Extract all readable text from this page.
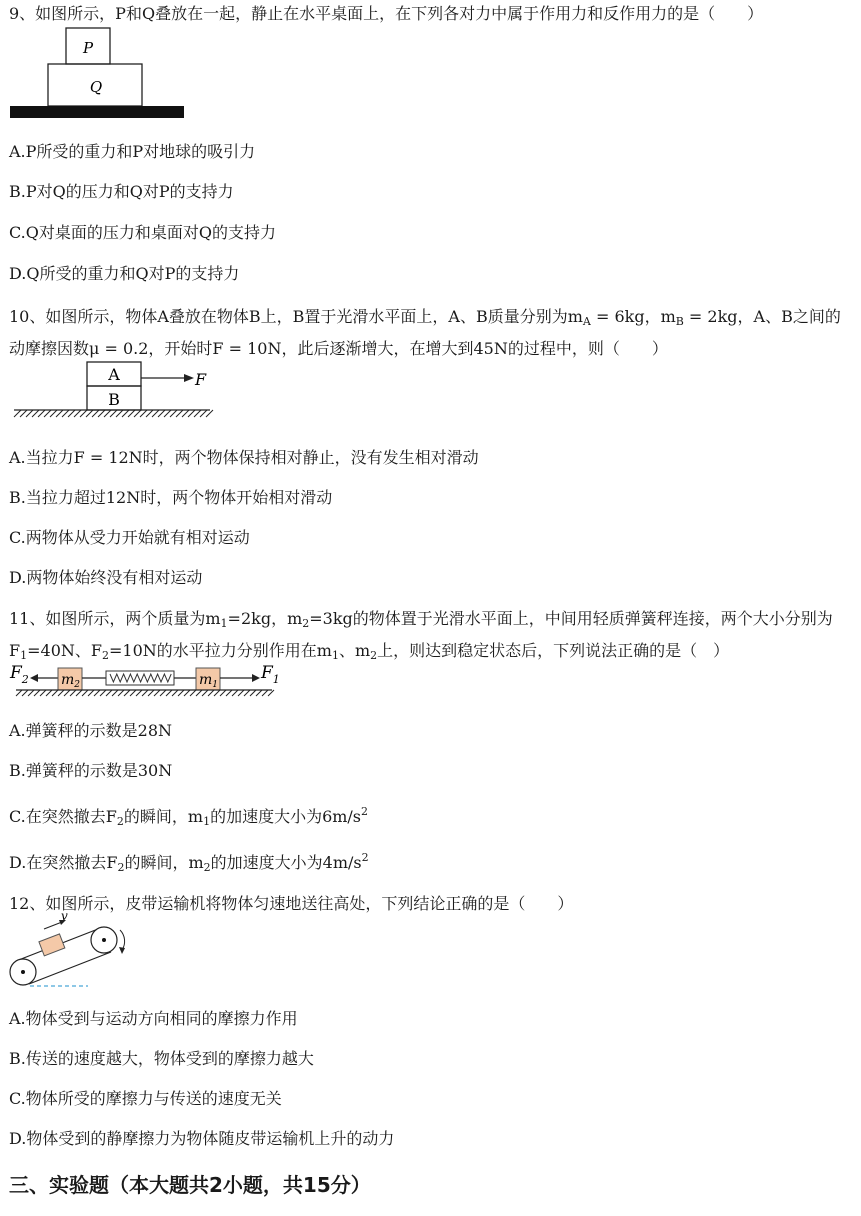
9、如图所示，P和Q叠放在一起，静止在水平桌面上，在下列各对力中属于作用力和反作用力的是（　　）
P
Q
A.P所受的重力和P对地球的吸引力
B.P对Q的压力和Q对P的支持力
C.Q对桌面的压力和桌面对Q的支持力
D.Q所受的重力和Q对P的支持力
10、如图所示，物体A叠放在物体B上，B置于光滑水平面上，A、B质量分别为$m_A = 6kg$，$m_B = 2kg$，A、B之间的动摩擦因数μ = 0.2，开始时F = 10N，此后逐渐增大，在增大到45N的过程中，则（　　）
A
B
F
A.当拉力F = 12N时，两个物体保持相对静止，没有发生相对滑动
B.当拉力超过12N时，两个物体开始相对滑动
C.两物体从受力开始就有相对运动
D.两物体始终没有相对运动
11、如图所示，两个质量为$m_1=2kg$，$m_2=3kg$的物体置于光滑水平面上，中间用轻质弹簧秤连接，两个大小分别为$F_1=40N$、$F_2=10N$的水平拉力分别作用在$m_1$、$m_2$上，则达到稳定状态后，下列说法正确的是（　）
$F_2$ $m_2$	$m_1$
$F_1$
A.弹簧秤的示数是28N
B.弹簧秤的示数是30N
C.在突然撤去$F_2$的瞬间，$m_1$的加速度大小为$6m/s^2$
D.在突然撤去$F_2$的瞬间，$m_2$的加速度大小为$4m/s^2$
12、如图所示，皮带运输机将物体匀速地送往高处，下列结论正确的是（　　）
v
A.物体受到与运动方向相同的摩擦力作用
B.传送的速度越大，物体受到的摩擦力越大
C.物体所受的摩擦力与传送的速度无关
D.物体受到的静摩擦力为物体随皮带运输机上升的动力
三、实验题（本大题共2小题，共15分）
